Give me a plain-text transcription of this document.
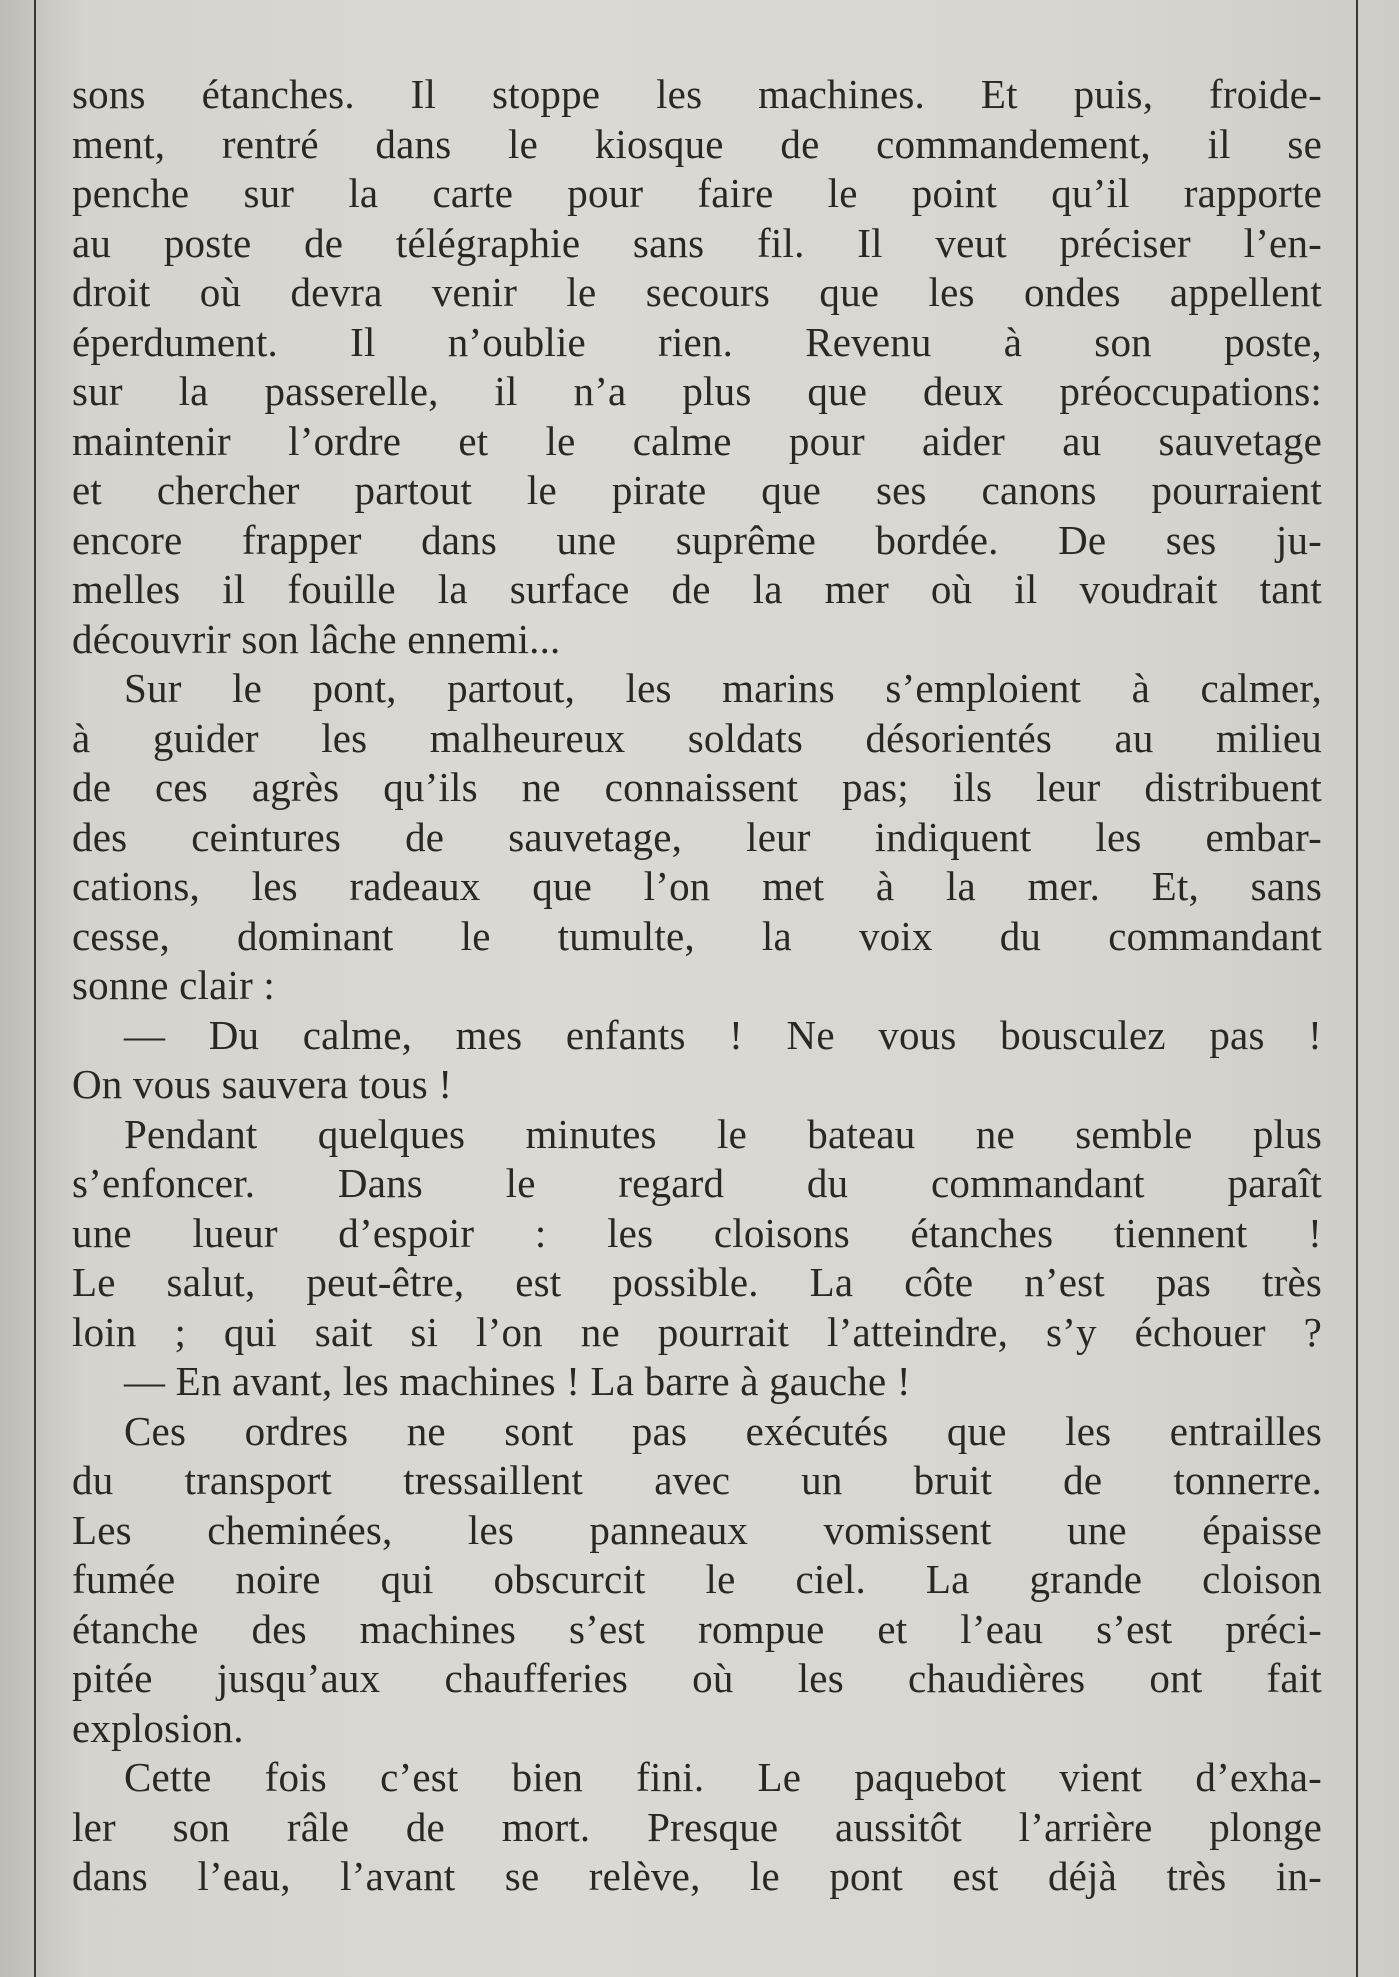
sons étanches. Il stoppe les machines. Et puis, froide-
ment, rentré dans le kiosque de commandement, il se
penche sur la carte pour faire le point qu’il rapporte
au poste de télégraphie sans fil. Il veut préciser l’en-
droit où devra venir le secours que les ondes appellent
éperdument. Il n’oublie rien. Revenu à son poste,
sur la passerelle, il n’a plus que deux préoccupations:
maintenir l’ordre et le calme pour aider au sauvetage
et chercher partout le pirate que ses canons pourraient
encore frapper dans une suprême bordée. De ses ju-
melles il fouille la surface de la mer où il voudrait tant
découvrir son lâche ennemi...
Sur le pont, partout, les marins s’emploient à calmer,
à guider les malheureux soldats désorientés au milieu
de ces agrès qu’ils ne connaissent pas; ils leur distribuent
des ceintures de sauvetage, leur indiquent les embar-
cations, les radeaux que l’on met à la mer. Et, sans
cesse, dominant le tumulte, la voix du commandant
sonne clair :
— Du calme, mes enfants ! Ne vous bousculez pas !
On vous sauvera tous !
Pendant quelques minutes le bateau ne semble plus
s’enfoncer. Dans le regard du commandant paraît
une lueur d’espoir : les cloisons étanches tiennent !
Le salut, peut-être, est possible. La côte n’est pas très
loin ; qui sait si l’on ne pourrait l’atteindre, s’y échouer ?
— En avant, les machines ! La barre à gauche !
Ces ordres ne sont pas exécutés que les entrailles
du transport tressaillent avec un bruit de tonnerre.
Les cheminées, les panneaux vomissent une épaisse
fumée noire qui obscurcit le ciel. La grande cloison
étanche des machines s’est rompue et l’eau s’est préci-
pitée jusqu’aux chaufferies où les chaudières ont fait
explosion.
Cette fois c’est bien fini. Le paquebot vient d’exha-
ler son râle de mort. Presque aussitôt l’arrière plonge
dans l’eau, l’avant se relève, le pont est déjà très in-
